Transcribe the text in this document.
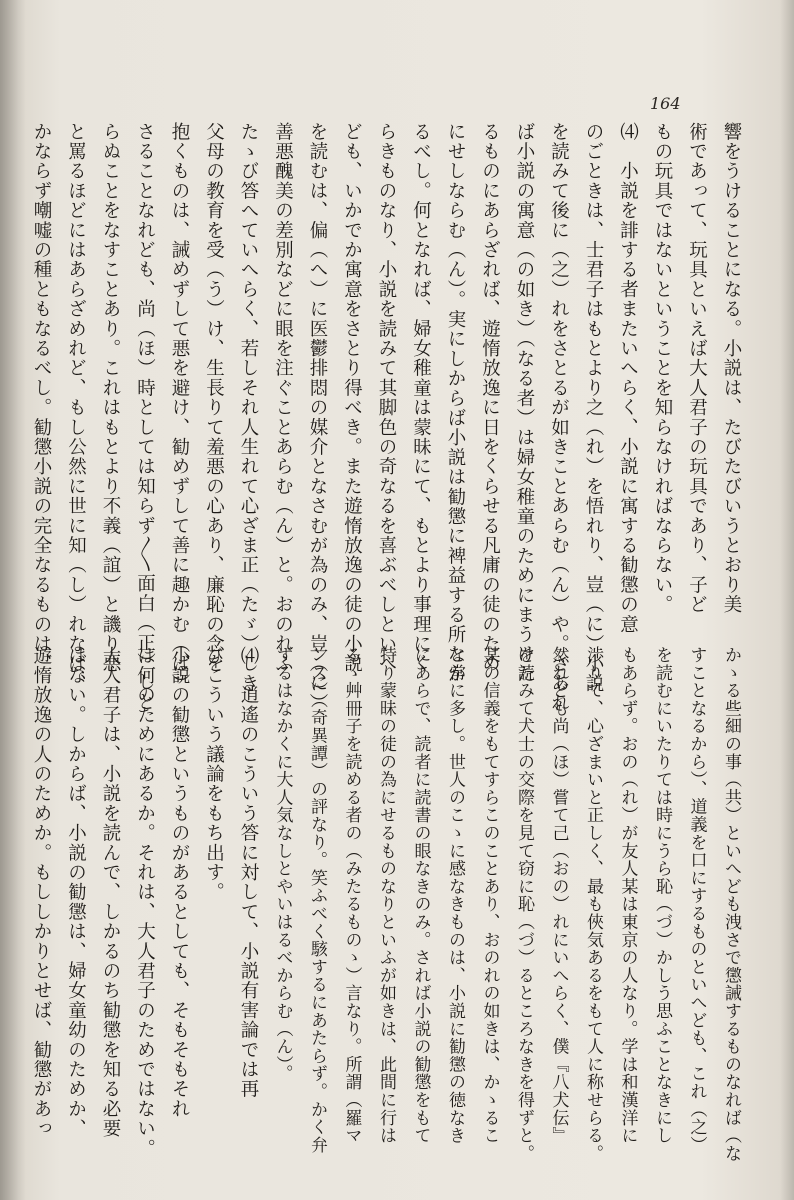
164
響をうけることになる。小説は、たびたびいうとおり美
術であって、玩具といえば大人君子の玩具であり、子ど
もの玩具ではないということを知らなければならない。
⑷　小説を誹する者またいへらく、小説に寓する勧懲の意
のごときは、士君子はもとより之（れ）を悟れり、豈（に）小説
を読みて後に（之）れをさとるが如きことあらむ（ん）や。さあれ
ば小説の寓意（の如き）（なる者）は婦女稚童のためにまうけた
るものにあらざれば、遊惰放逸に日をくらせる凡庸の徒のため
にせしならむ（ん）。実にしからば小説は勧懲に裨益する所なか
るべし。何となれば、婦女稚童は蒙昧にて、もとより事理にく
らきものなり、小説を読みて其脚色の奇なるを喜ぶべしといへ
ども、いかでか寓意をさとり得べき。また遊惰放逸の徒の小説
を読むは、偏（へ）に医鬱排悶の媒介となさむが為のみ、豈（に）
善悪醜美の差別などに眼を注ぐことあらむ（ん）と。おのれふ
たゝび答へていへらく、若しそれ人生れて心ざま正（たゞ）しき
父母の教育を受（う）け、生長りて羞悪の心あり、廉恥の念を
抱くものは、誡めずして悪を避け、勧めずして善に趣かむ（ば）
さることなれども、尚（ほ）時としては知らず〳〵面白（正）しと
らぬことをなすことあり。これはもとより不義（誼）と譏り悪
と罵るほどにはあらざめれど、もし公然に世に知（し）れなば、
かならず嘲嘘の種ともなるべし。勧懲小説の完全なるものは、
かゝる些細の事（共）といへども洩さで懲誡するものなれば（な
すことなるから）、道義を口にするものといへども、これ（之）
を読むにいたりては時にうら恥（づ）かしう思ふことなきにし
もあらず。おの（れ）が友人某は東京の人なり。学は和漢洋に
渉りて、心ざまいと正しく、最も俠気あるをもて人に称せらる。
然れども尚（ほ）嘗て己（おの）れにいへらく、僕『八犬伝』
を読みて犬士の交際を見て窃に恥（づ）るところなきを得ずと。
某の信義をもてすらこのことあり、おのれの如きは、かゝるこ
と常に多し。世人のこゝに感なきものは、小説に勧懲の徳なき
にあらで、読者に読書の眼なきのみ。されば小説の勧懲をもて
特り蒙昧の徒の為にせるものなりといふが如きは、此間に行は
るゝ艸冊子を読める者の（みたるものゝ）言なり。所謂（羅マ
ンス）（奇異譚）の評なり。笑ふべく駭するにあたらず。かく弁
ずるはなかくに大人気なしとやいはるべからむ（ん）。
⑷　逍遙のこういう答に対して、小説有害論では再
びこういう議論をもち出す。
小説の勧懲というものがあるとしても、そもそもそれ
は何のためにあるか。それは、大人君子のためではない。
大人君子は、小説を読んで、しかるのち勧懲を知る必要
はない。しからば、小説の勧懲は、婦女童幼のためか、
遊惰放逸の人のためか。もししかりとせば、勧懲があっ
